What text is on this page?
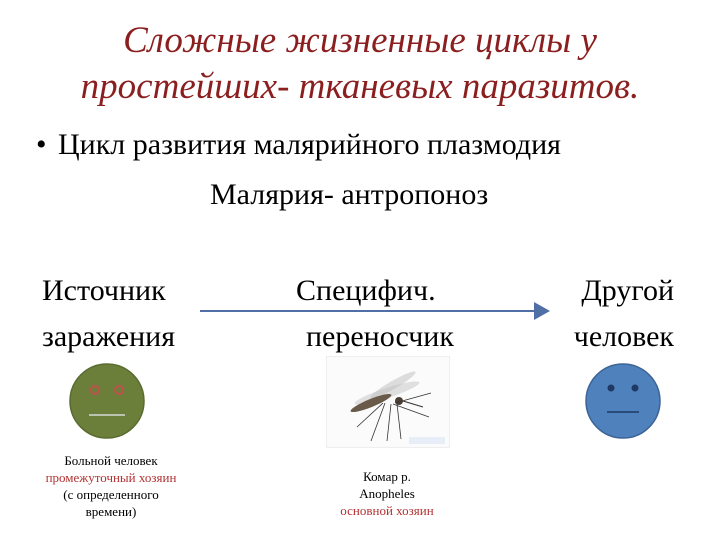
Сложные жизненные циклы у
простейших- тканевых паразитов.
• Цикл развития малярийного плазмодия
Малярия- антропоноз
Источник
заражения
Специфич.
переносчик
Другой
человек
Больной человек
промежуточный хозяин
(с определенного
времени)
Комар р.
Anopheles
основной хозяин
